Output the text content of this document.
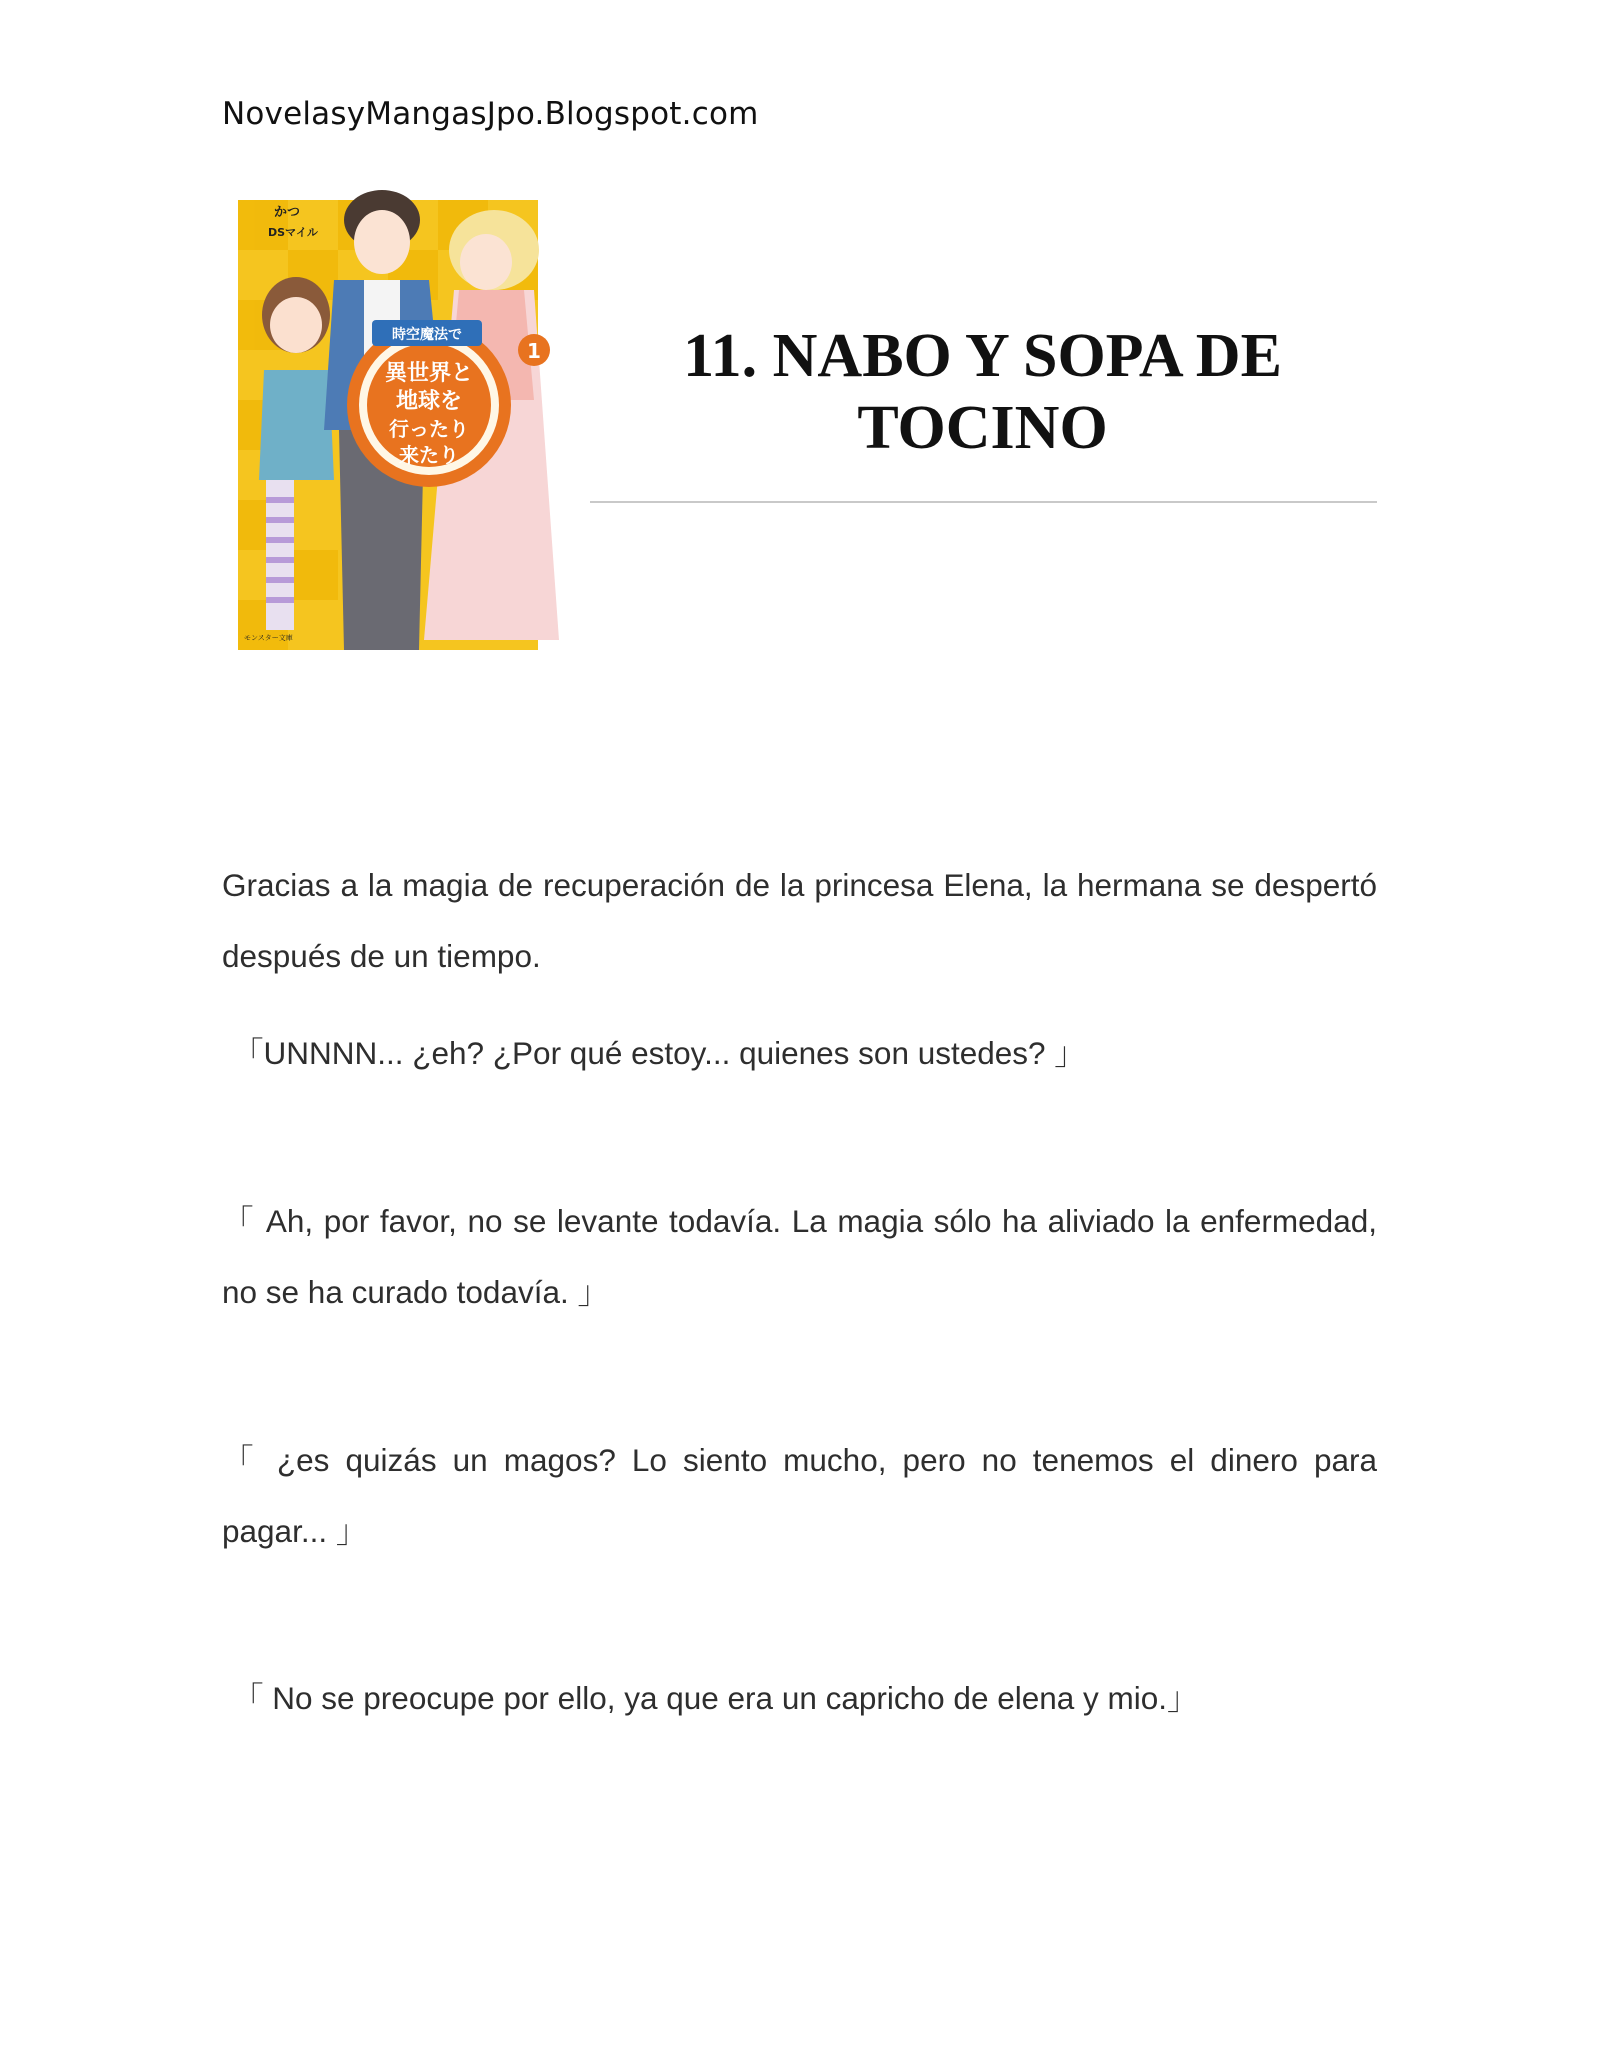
NovelasyMangasJpo.Blogspot.com
時空魔法で
異世界と
地球を
行ったり
来たり
1
かつ
DSマイル
モンスター文庫
11. NABO Y SOPA DE TOCINO

Gracias a la magia de recuperación de la princesa Elena, la hermana se despertó después de un tiempo.

「UNNNN... ¿eh? ¿Por qué estoy... quienes son ustedes? 」

「 Ah, por favor, no se levante todavía. La magia sólo ha aliviado la enfermedad, no se ha curado todavía. 」

「 ¿es quizás un magos? Lo siento mucho, pero no tenemos el dinero para pagar... 」

「 No se preocupe por ello, ya que era un capricho de elena y mio.」
